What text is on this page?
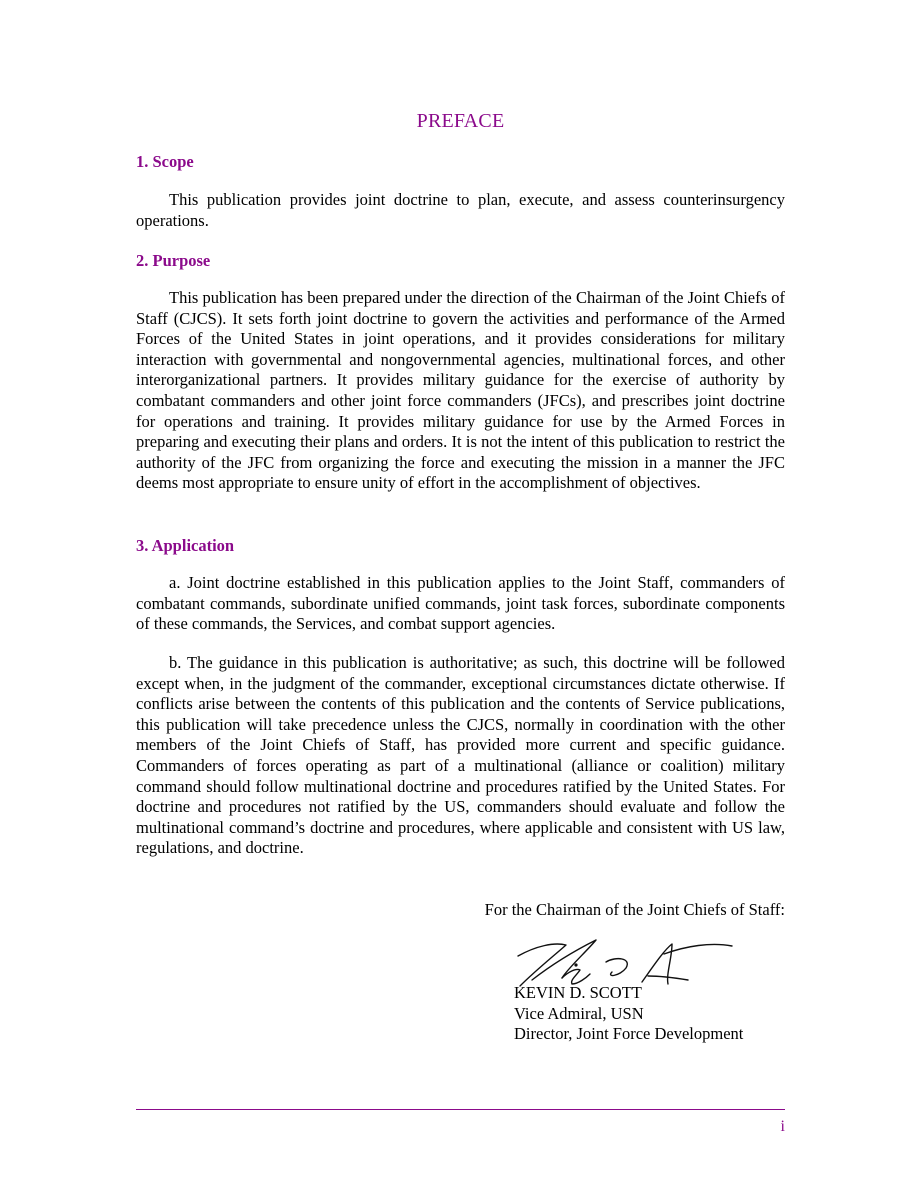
PREFACE
1. Scope
This publication provides joint doctrine to plan, execute, and assess counterinsurgency operations.
2. Purpose
This publication has been prepared under the direction of the Chairman of the Joint Chiefs of Staff (CJCS). It sets forth joint doctrine to govern the activities and performance of the Armed Forces of the United States in joint operations, and it provides considerations for military interaction with governmental and nongovernmental agencies, multinational forces, and other interorganizational partners. It provides military guidance for the exercise of authority by combatant commanders and other joint force commanders (JFCs), and prescribes joint doctrine for operations and training. It provides military guidance for use by the Armed Forces in preparing and executing their plans and orders. It is not the intent of this publication to restrict the authority of the JFC from organizing the force and executing the mission in a manner the JFC deems most appropriate to ensure unity of effort in the accomplishment of objectives.
3. Application
a. Joint doctrine established in this publication applies to the Joint Staff, commanders of combatant commands, subordinate unified commands, joint task forces, subordinate components of these commands, the Services, and combat support agencies.
b. The guidance in this publication is authoritative; as such, this doctrine will be followed except when, in the judgment of the commander, exceptional circumstances dictate otherwise. If conflicts arise between the contents of this publication and the contents of Service publications, this publication will take precedence unless the CJCS, normally in coordination with the other members of the Joint Chiefs of Staff, has provided more current and specific guidance. Commanders of forces operating as part of a multinational (alliance or coalition) military command should follow multinational doctrine and procedures ratified by the United States. For doctrine and procedures not ratified by the US, commanders should evaluate and follow the multinational command’s doctrine and procedures, where applicable and consistent with US law, regulations, and doctrine.
For the Chairman of the Joint Chiefs of Staff:
KEVIN D. SCOTT
Vice Admiral, USN
Director, Joint Force Development
i
